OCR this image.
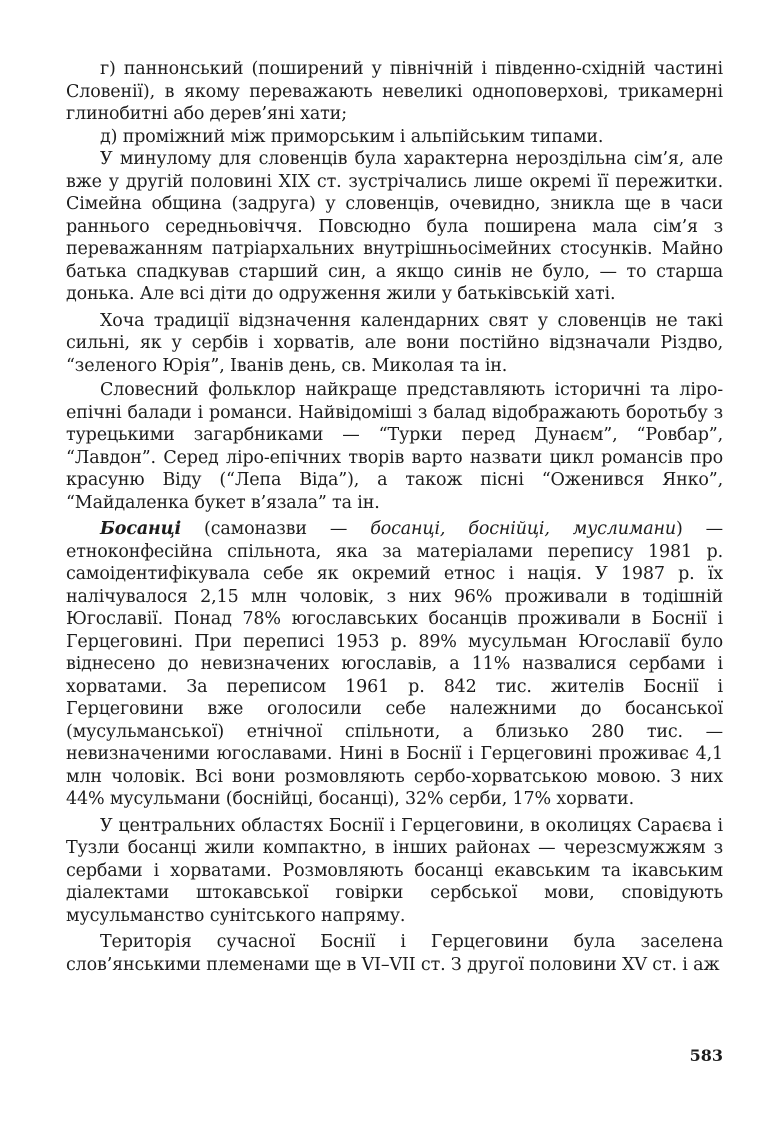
г) паннонський (поширений у північній і південно-східній частині Словенії), в якому переважають невеликі одноповерхові, трикамерні глинобитні або дерев’яні хати;

д) проміжний між приморським і альпійським типами.

У минулому для словенців була характерна нероздільна сім’я, але вже у другій половині XIX ст. зустрічались лише окремі її пережитки. Сімейна община (задруга) у словенців, очевидно, зникла ще в часи раннього середньовіччя. Повсюдно була поширена мала сім’я з переважанням патріархальних внутрішньосімейних стосунків. Майно батька спадкував старший син, а якщо синів не було, — то старша донька. Але всі діти до одруження жили у батьківській хаті.

Хоча традиції відзначення календарних свят у словенців не такі сильні, як у сербів і хорватів, але вони постійно відзначали Різдво, “зеленого Юрія”, Іванів день, св. Миколая та ін.

Словесний фольклор найкраще представляють історичні та ліро-епічні балади і романси. Найвідоміші з балад відображають боротьбу з турецькими загарбниками — “Турки перед Дунаєм”, “Ровбар”, “Лавдон”. Серед ліро-епічних творів варто назвати цикл романсів про красуню Віду (“Лепа Віда”), а також пісні “Оженився Янко”, “Майдаленка букет в’язала” та ін.

Босанці (самоназви — босанці, боснійці, муслимани) — етноконфесійна спільнота, яка за матеріалами перепису 1981 р. самоідентифікувала себе як окремий етнос і нація. У 1987 р. їх налічувалося 2,15 млн чоловік, з них 96% проживали в тодішній Югославії. Понад 78% югославських босанців проживали в Боснії і Герцеговині. При переписі 1953 р. 89% мусульман Югославії було віднесено до невизначених югославів, а 11% назвалися сербами і хорватами. За переписом 1961 р. 842 тис. жителів Боснії і Герцеговини вже оголосили себе належними до босанської (мусульманської) етнічної спільноти, а близько 280 тис. — невизначеними югославами. Нині в Боснії і Герцеговині проживає 4,1 млн чоловік. Всі вони розмовляють сербо-хорватською мовою. З них 44% мусульмани (боснійці, босанці), 32% серби, 17% хорвати.

У центральних областях Боснії і Герцеговини, в околицях Сараєва і Тузли босанці жили компактно, в інших районах — черезсмужжям з сербами і хорватами. Розмовляють босанці екавським та ікавським діалектами штокавської говірки сербської мови, сповідують мусульманство сунітського напряму.

Територія сучасної Боснії і Герцеговини була заселена слов’янськими племенами ще в VI–VII ст. З другої половини XV ст. і аж

583
